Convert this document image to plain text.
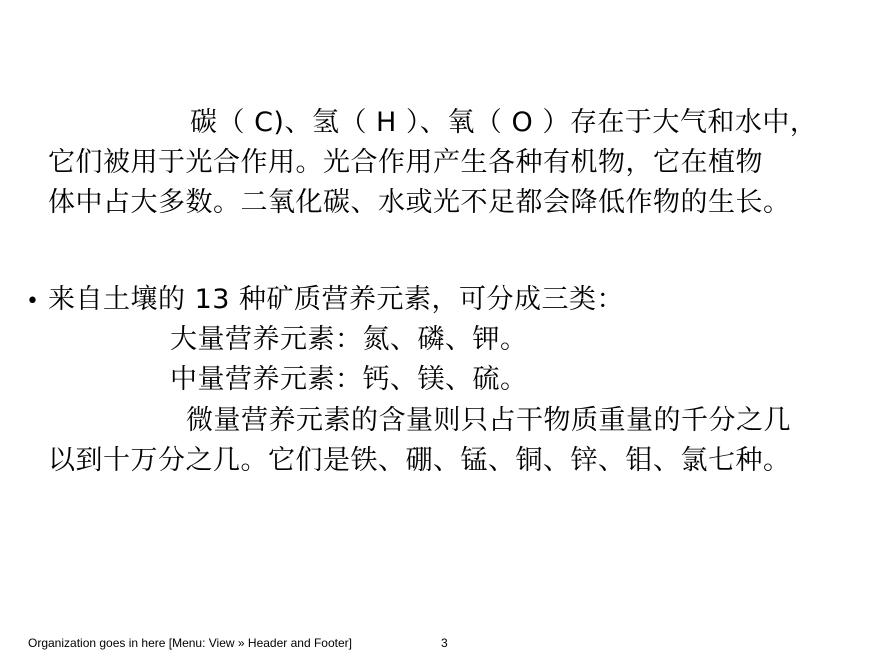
碳（ C)、氢（ H ）、氧（ O ）存在于大气和水中，
它们被用于光合作用。光合作用产生各种有机物，它在植物
体中占大多数。二氧化碳、水或光不足都会降低作物的生长。
• 来自土壤的 13 种矿质营养元素，可分成三类：
大量营养元素：氮、磷、钾。
中量营养元素：钙、镁、硫。
微量营养元素的含量则只占干物质重量的千分之几
以到十万分之几。它们是铁、硼、锰、铜、锌、钼、氯七种。
Organization goes in here [Menu: View » Header and Footer]	3
